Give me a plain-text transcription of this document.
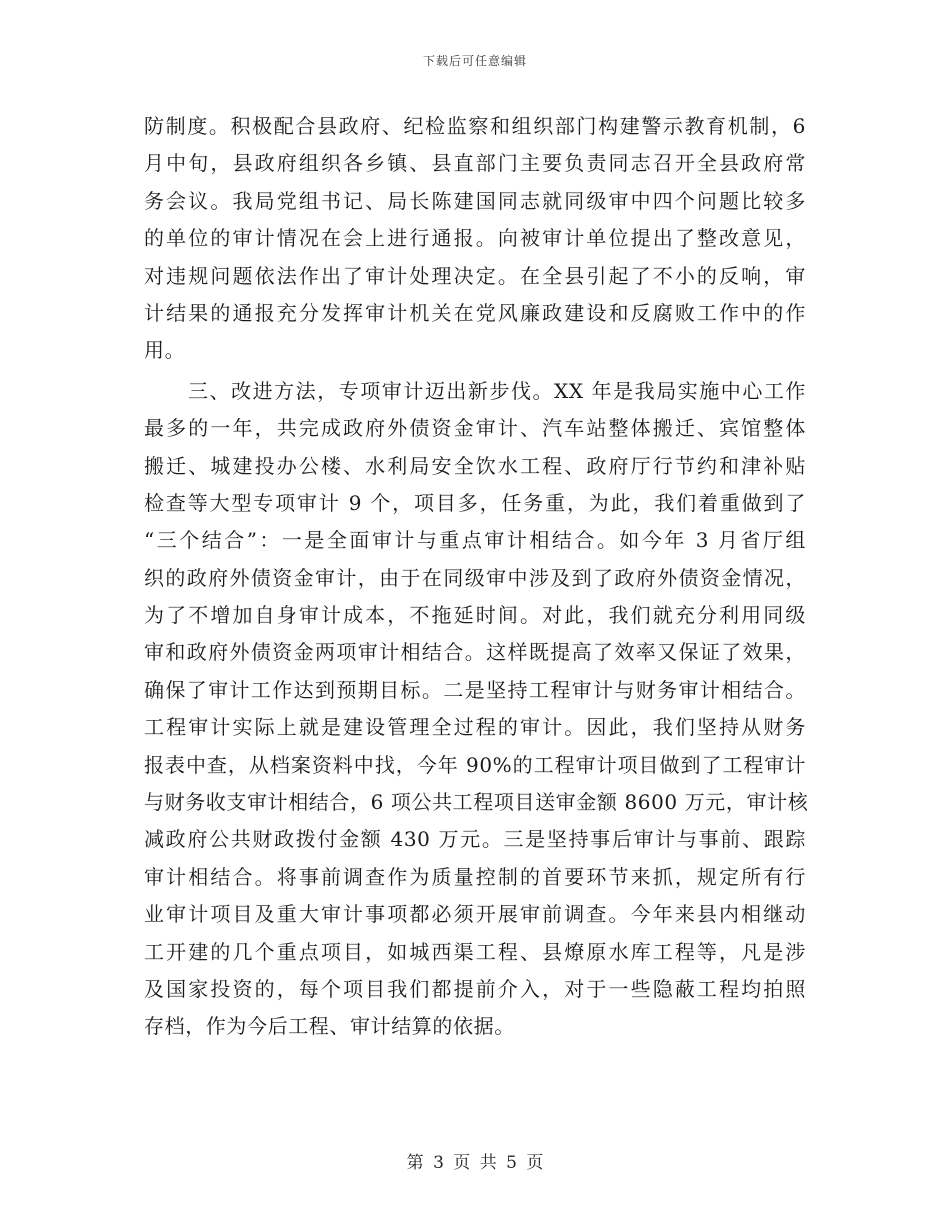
下载后可任意编辑
防制度。积极配合县政府、纪检监察和组织部门构建警示教育机制，6
月中旬，县政府组织各乡镇、县直部门主要负责同志召开全县政府常
务会议。我局党组书记、局长陈建国同志就同级审中四个问题比较多
的单位的审计情况在会上进行通报。向被审计单位提出了整改意见，
对违规问题依法作出了审计处理决定。在全县引起了不小的反响，审
计结果的通报充分发挥审计机关在党风廉政建设和反腐败工作中的作
用。
三、改进方法，专项审计迈出新步伐。XX 年是我局实施中心工作
最多的一年，共完成政府外债资金审计、汽车站整体搬迁、宾馆整体
搬迁、城建投办公楼、水利局安全饮水工程、政府厅行节约和津补贴
检查等大型专项审计 9 个，项目多，任务重，为此，我们着重做到了
“三个结合”：一是全面审计与重点审计相结合。如今年 3 月省厅组
织的政府外债资金审计，由于在同级审中涉及到了政府外债资金情况，
为了不增加自身审计成本，不拖延时间。对此，我们就充分利用同级
审和政府外债资金两项审计相结合。这样既提高了效率又保证了效果，
确保了审计工作达到预期目标。二是坚持工程审计与财务审计相结合。
工程审计实际上就是建设管理全过程的审计。因此，我们坚持从财务
报表中查，从档案资料中找，今年 90%的工程审计项目做到了工程审计
与财务收支审计相结合，6 项公共工程项目送审金额 8600 万元，审计核
减政府公共财政拨付金额 430 万元。三是坚持事后审计与事前、跟踪
审计相结合。将事前调查作为质量控制的首要环节来抓，规定所有行
业审计项目及重大审计事项都必须开展审前调查。今年来县内相继动
工开建的几个重点项目，如城西渠工程、县燎原水库工程等，凡是涉
及国家投资的，每个项目我们都提前介入，对于一些隐蔽工程均拍照
存档，作为今后工程、审计结算的依据。
第 3 页 共 5 页
